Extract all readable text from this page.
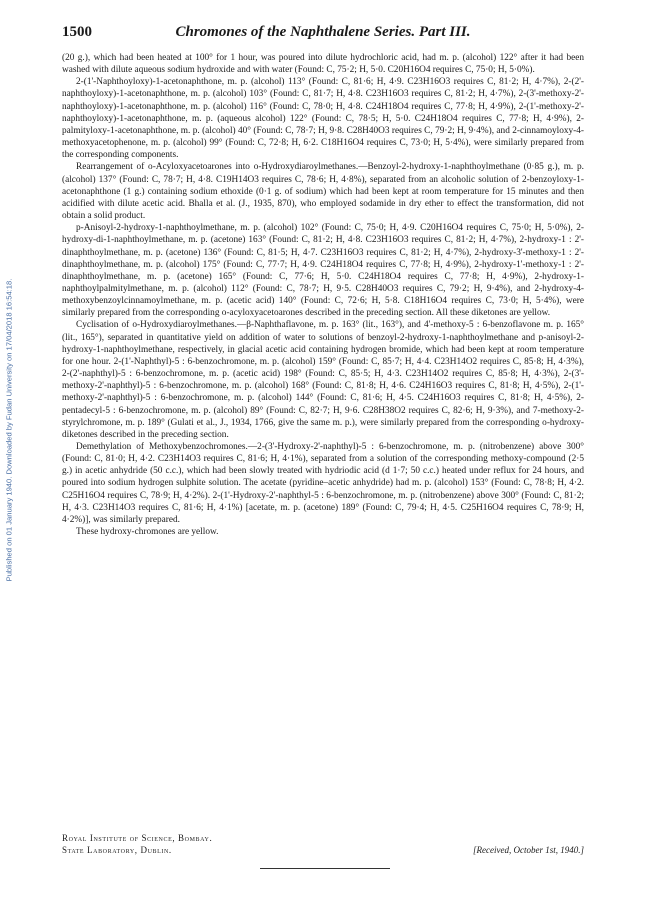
Published on 01 January 1940. Downloaded by Fudan University on 17/04/2018 16:54:18.
1500	Chromones of the Naphthalene Series. Part III.

(20 g.), which had been heated at 100° for 1 hour, was poured into dilute hydrochloric acid, had m. p. (alcohol) 122° after it had been washed with dilute aqueous sodium hydroxide and with water (Found: C, 75·2; H, 5·0. C20H16O4 requires C, 75·0; H, 5·0%).

2-(1'-Naphthoyloxy)-1-acetonaphthone, m. p. (alcohol) 113° (Found: C, 81·6; H, 4·9. C23H16O3 requires C, 81·2; H, 4·7%), 2-(2'-naphthoyloxy)-1-acetonaphthone, m. p. (alcohol) 103° (Found: C, 81·7; H, 4·8. C23H16O3 requires C, 81·2; H, 4·7%), 2-(3'-methoxy-2'-naphthoyloxy)-1-acetonaphthone, m. p. (alcohol) 116° (Found: C, 78·0; H, 4·8. C24H18O4 requires C, 77·8; H, 4·9%), 2-(1'-methoxy-2'-naphthoyloxy)-1-acetonaphthone, m. p. (aqueous alcohol) 122° (Found: C, 78·5; H, 5·0. C24H18O4 requires C, 77·8; H, 4·9%), 2-palmityloxy-1-acetonaphthone, m. p. (alcohol) 40° (Found: C, 78·7; H, 9·8. C28H40O3 requires C, 79·2; H, 9·4%), and 2-cinnamoyloxy-4-methoxyacetophenone, m. p. (alcohol) 99° (Found: C, 72·8; H, 6·2. C18H16O4 requires C, 73·0; H, 5·4%), were similarly prepared from the corresponding components.

Rearrangement of o-Acyloxyacetoarones into o-Hydroxydiaroylmethanes.—Benzoyl-2-hydroxy-1-naphthoylmethane (0·85 g.), m. p. (alcohol) 137° (Found: C, 78·7; H, 4·8. C19H14O3 requires C, 78·6; H, 4·8%), separated from an alcoholic solution of 2-benzoyloxy-1-acetonaphthone (1 g.) containing sodium ethoxide (0·1 g. of sodium) which had been kept at room temperature for 15 minutes and then acidified with dilute acetic acid. Bhalla et al. (J., 1935, 870), who employed sodamide in dry ether to effect the transformation, did not obtain a solid product.

p-Anisoyl-2-hydroxy-1-naphthoylmethane, m. p. (alcohol) 102° (Found: C, 75·0; H, 4·9. C20H16O4 requires C, 75·0; H, 5·0%), 2-hydroxy-di-1-naphthoylmethane, m. p. (acetone) 163° (Found: C, 81·2; H, 4·8. C23H16O3 requires C, 81·2; H, 4·7%), 2-hydroxy-1 : 2'-dinaphthoylmethane, m. p. (acetone) 136° (Found: C, 81·5; H, 4·7. C23H16O3 requires C, 81·2; H, 4·7%), 2-hydroxy-3'-methoxy-1 : 2'-dinaphthoylmethane, m. p. (alcohol) 175° (Found: C, 77·7; H, 4·9. C24H18O4 requires C, 77·8; H, 4·9%), 2-hydroxy-1'-methoxy-1 : 2'-dinaphthoylmethane, m. p. (acetone) 165° (Found: C, 77·6; H, 5·0. C24H18O4 requires C, 77·8; H, 4·9%), 2-hydroxy-1-naphthoylpalmitylmethane, m. p. (alcohol) 112° (Found: C, 78·7; H, 9·5. C28H40O3 requires C, 79·2; H, 9·4%), and 2-hydroxy-4-methoxybenzoylcinnamoylmethane, m. p. (acetic acid) 140° (Found: C, 72·6; H, 5·8. C18H16O4 requires C, 73·0; H, 5·4%), were similarly prepared from the corresponding o-acyloxyacetoarones described in the preceding section. All these diketones are yellow.

Cyclisation of o-Hydroxydiaroylmethanes.—β-Naphthaflavone, m. p. 163° (lit., 163°), and 4'-methoxy-5 : 6-benzoflavone m. p. 165° (lit., 165°), separated in quantitative yield on addition of water to solutions of benzoyl-2-hydroxy-1-naphthoylmethane and p-anisoyl-2-hydroxy-1-naphthoylmethane, respectively, in glacial acetic acid containing hydrogen bromide, which had been kept at room temperature for one hour. 2-(1'-Naphthyl)-5 : 6-benzochromone, m. p. (alcohol) 159° (Found: C, 85·7; H, 4·4. C23H14O2 requires C, 85·8; H, 4·3%), 2-(2'-naphthyl)-5 : 6-benzochromone, m. p. (acetic acid) 198° (Found: C, 85·5; H, 4·3. C23H14O2 requires C, 85·8; H, 4·3%), 2-(3'-methoxy-2'-naphthyl)-5 : 6-benzochromone, m. p. (alcohol) 168° (Found: C, 81·8; H, 4·6. C24H16O3 requires C, 81·8; H, 4·5%), 2-(1'-methoxy-2'-naphthyl)-5 : 6-benzochromone, m. p. (alcohol) 144° (Found: C, 81·6; H, 4·5. C24H16O3 requires C, 81·8; H, 4·5%), 2-pentadecyl-5 : 6-benzochromone, m. p. (alcohol) 89° (Found: C, 82·7; H, 9·6. C28H38O2 requires C, 82·6; H, 9·3%), and 7-methoxy-2-styrylchromone, m. p. 189° (Gulati et al., J., 1934, 1766, give the same m. p.), were similarly prepared from the corresponding o-hydroxy-diketones described in the preceding section.

Demethylation of Methoxybenzochromones.—2-(3'-Hydroxy-2'-naphthyl)-5 : 6-benzochromone, m. p. (nitrobenzene) above 300° (Found: C, 81·0; H, 4·2. C23H14O3 requires C, 81·6; H, 4·1%), separated from a solution of the corresponding methoxy-compound (2·5 g.) in acetic anhydride (50 c.c.), which had been slowly treated with hydriodic acid (d 1·7; 50 c.c.) heated under reflux for 24 hours, and poured into sodium hydrogen sulphite solution. The acetate (pyridine–acetic anhydride) had m. p. (alcohol) 153° (Found: C, 78·8; H, 4·2. C25H16O4 requires C, 78·9; H, 4·2%). 2-(1'-Hydroxy-2'-naphthyl-5 : 6-benzochromone, m. p. (nitrobenzene) above 300° (Found: C, 81·2; H, 4·3. C23H14O3 requires C, 81·6; H, 4·1%) [acetate, m. p. (acetone) 189° (Found: C, 79·4; H, 4·5. C25H16O4 requires C, 78·9; H, 4·2%)], was similarly prepared.

These hydroxy-chromones are yellow.

Royal Institute of Science, Bombay.
State Laboratory, Dublin.	[Received, October 1st, 1940.]
